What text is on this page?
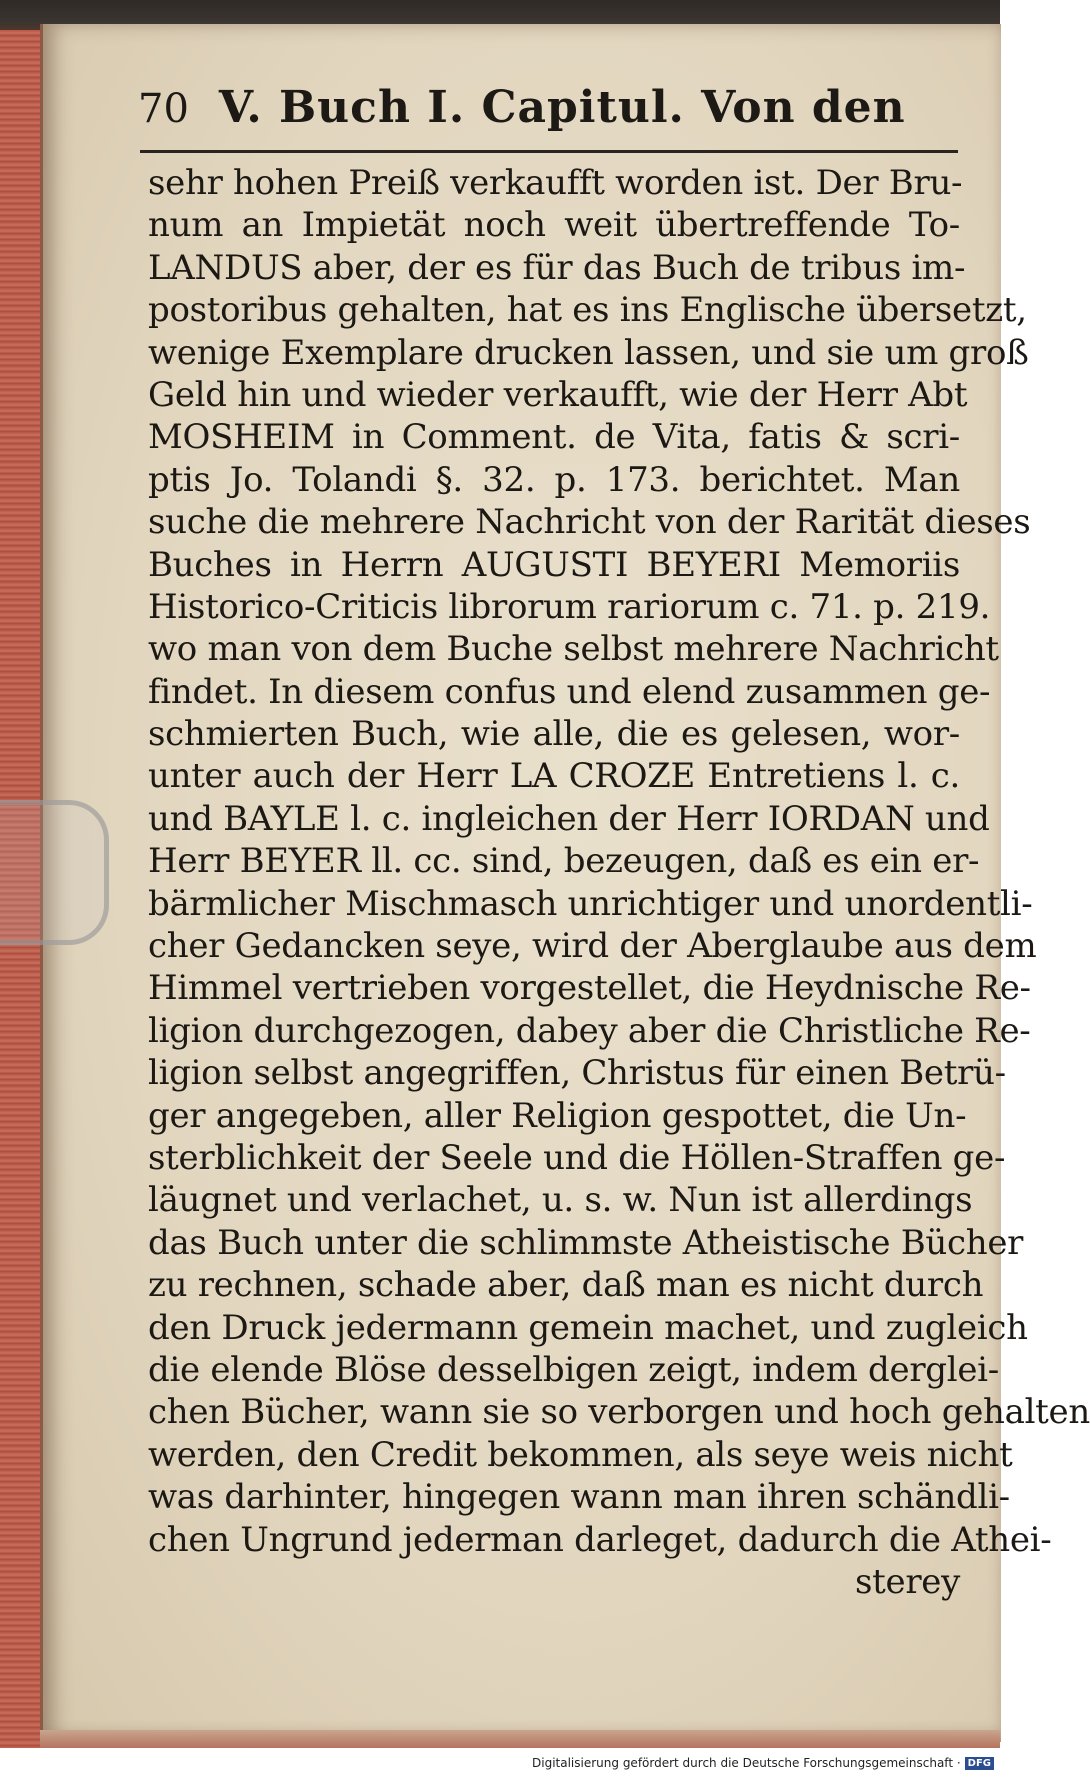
70 V. Buch I. Capitul. Von den
sehr hohen Preiß verkaufft worden ist. Der Bru-
num an Impietät noch weit übertreffende To-
LANDUS aber, der es für das Buch de tribus im-
postoribus gehalten, hat es ins Englische übersetzt,
wenige Exemplare drucken lassen, und sie um groß
Geld hin und wieder verkaufft, wie der Herr Abt
MOSHEIM in Comment. de Vita, fatis & scri-
ptis Jo. Tolandi §. 32. p. 173. berichtet. Man
suche die mehrere Nachricht von der Rarität dieses
Buches in Herrn AUGUSTI BEYERI Memoriis
Historico-Criticis librorum rariorum c. 71. p. 219.
wo man von dem Buche selbst mehrere Nachricht
findet. In diesem confus und elend zusammen ge-
schmierten Buch, wie alle, die es gelesen, wor-
unter auch der Herr LA CROZE Entretiens l. c.
und BAYLE l. c. ingleichen der Herr IORDAN und
Herr BEYER ll. cc. sind, bezeugen, daß es ein er-
bärmlicher Mischmasch unrichtiger und unordentli-
cher Gedancken seye, wird der Aberglaube aus dem
Himmel vertrieben vorgestellet, die Heydnische Re-
ligion durchgezogen, dabey aber die Christliche Re-
ligion selbst angegriffen, Christus für einen Betrü-
ger angegeben, aller Religion gespottet, die Un-
sterblichkeit der Seele und die Höllen-Straffen ge-
läugnet und verlachet, u. s. w. Nun ist allerdings
das Buch unter die schlimmste Atheistische Bücher
zu rechnen, schade aber, daß man es nicht durch
den Druck jedermann gemein machet, und zugleich
die elende Blöse desselbigen zeigt, indem derglei-
chen Bücher, wann sie so verborgen und hoch gehalten
werden, den Credit bekommen, als seye weis nicht
was darhinter, hingegen wann man ihren schändli-
chen Ungrund jederman darleget, dadurch die Athei-
sterey
Digitalisierung gefördert durch die Deutsche Forschungsgemeinschaft · DFG
